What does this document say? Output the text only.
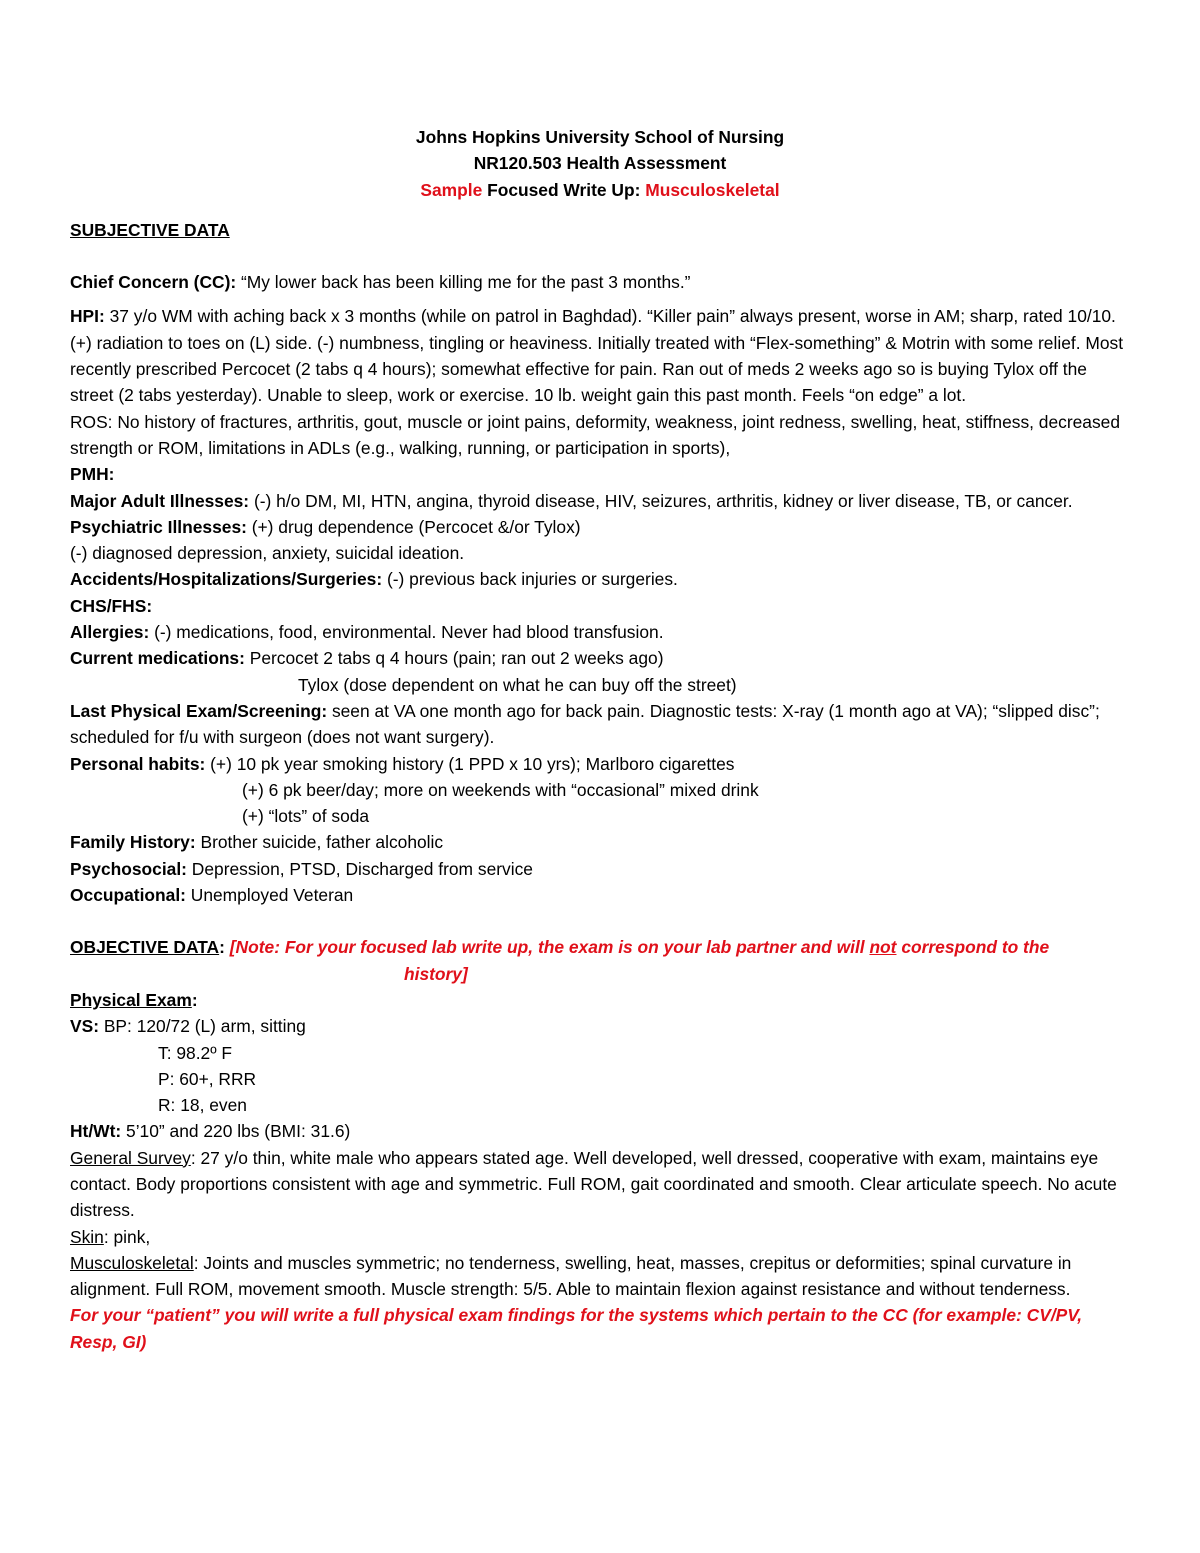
Johns Hopkins University School of Nursing

NR120.503 Health Assessment

Sample Focused Write Up: Musculoskeletal

SUBJECTIVE DATA

Chief Concern (CC): “My lower back has been killing me for the past 3 months.”

HPI: 37 y/o WM with aching back x 3 months (while on patrol in Baghdad). “Killer pain” always present, worse in AM; sharp, rated 10/10. (+) radiation to toes on (L) side. (-) numbness, tingling or heaviness. Initially treated with “Flex-something” & Motrin with some relief. Most recently prescribed Percocet (2 tabs q 4 hours); somewhat effective for pain. Ran out of meds 2 weeks ago so is buying Tylox off the street (2 tabs yesterday). Unable to sleep, work or exercise. 10 lb. weight gain this past month. Feels “on edge” a lot.

ROS: No history of fractures, arthritis, gout, muscle or joint pains, deformity, weakness, joint redness, swelling, heat, stiffness, decreased strength or ROM, limitations in ADLs (e.g., walking, running, or participation in sports),

PMH:

Major Adult Illnesses: (-) h/o DM, MI, HTN, angina, thyroid disease, HIV, seizures, arthritis, kidney or liver disease, TB, or cancer.

Psychiatric Illnesses: (+) drug dependence (Percocet &/or Tylox)

(-) diagnosed depression, anxiety, suicidal ideation.

Accidents/Hospitalizations/Surgeries: (-) previous back injuries or surgeries.

CHS/FHS:

Allergies: (-) medications, food, environmental. Never had blood transfusion.

Current medications: Percocet 2 tabs q 4 hours (pain; ran out 2 weeks ago)

Tylox (dose dependent on what he can buy off the street)

Last Physical Exam/Screening: seen at VA one month ago for back pain. Diagnostic tests: X-ray (1 month ago at VA); “slipped disc”; scheduled for f/u with surgeon (does not want surgery).

Personal habits: (+) 10 pk year smoking history (1 PPD x 10 yrs); Marlboro cigarettes

(+) 6 pk beer/day; more on weekends with “occasional” mixed drink

(+) “lots” of soda

Family History: Brother suicide, father alcoholic

Psychosocial: Depression, PTSD, Discharged from service

Occupational: Unemployed Veteran

OBJECTIVE DATA: [Note: For your focused lab write up, the exam is on your lab partner and will not correspond to the

history]

Physical Exam:

VS: BP: 120/72 (L) arm, sitting

T: 98.2º F

P: 60+, RRR

R: 18, even

Ht/Wt: 5’10” and 220 lbs (BMI: 31.6)

General Survey: 27 y/o thin, white male who appears stated age. Well developed, well dressed, cooperative with exam, maintains eye contact. Body proportions consistent with age and symmetric. Full ROM, gait coordinated and smooth. Clear articulate speech. No acute distress.

Skin: pink,

Musculoskeletal: Joints and muscles symmetric; no tenderness, swelling, heat, masses, crepitus or deformities; spinal curvature in alignment. Full ROM, movement smooth. Muscle strength: 5/5. Able to maintain flexion against resistance and without tenderness.

For your “patient” you will write a full physical exam findings for the systems which pertain to the CC (for example: CV/PV, Resp, GI)
